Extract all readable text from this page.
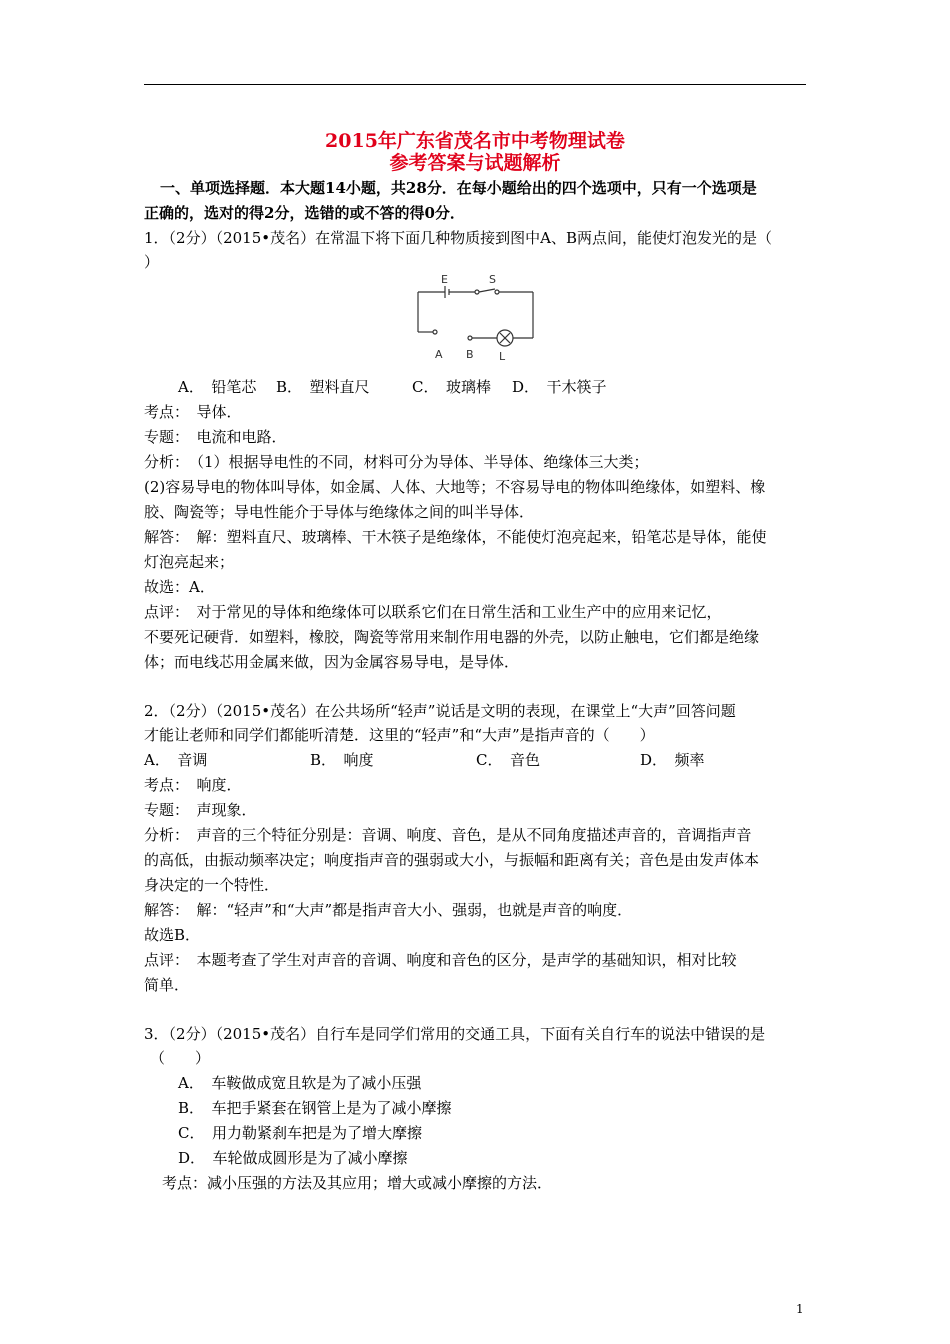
2015年广东省茂名市中考物理试卷
参考答案与试题解析
一、单项选择题．本大题14小题，共28分．在每小题给出的四个选项中，只有一个选项是
正确的，选对的得2分，选错的或不答的得0分．
1．（2分）（2015•茂名）在常温下将下面几种物质接到图中A、B两点间，能使灯泡发光的是（
）
E	S
A B L
A．　 铅笔芯 B．　 塑料直尺	C．　 玻璃棒 D．　 干木筷子
考点：　导体．
专题：　电流和电路．
分析：　（1）根据导电性的不同，材料可分为导体、半导体、绝缘体三大类；
(2)容易导电的物体叫导体，如金属、人体、大地等；不容易导电的物体叫绝缘体，如塑料、橡
胶、陶瓷等；导电性能介于导体与绝缘体之间的叫半导体．
解答：　解：塑料直尺、玻璃棒、干木筷子是绝缘体，不能使灯泡亮起来，铅笔芯是导体，能使
灯泡亮起来；
故选：A．
点评：　对于常见的导体和绝缘体可以联系它们在日常生活和工业生产中的应用来记忆，
不要死记硬背．如塑料，橡胶，陶瓷等常用来制作用电器的外壳，以防止触电，它们都是绝缘
体；而电线芯用金属来做，因为金属容易导电，是导体．
2．（2分）（2015•茂名）在公共场所“轻声”说话是文明的表现，在课堂上“大声”回答问题
才能让老师和同学们都能听清楚．这里的“轻声”和“大声”是指声音的（　　）
A．　 音调	B．　 响度	C．　 音色	D．　 频率
考点：　响度．
专题：　声现象．
分析：　声音的三个特征分别是：音调、响度、音色，是从不同角度描述声音的，音调指声音
的高低，由振动频率决定；响度指声音的强弱或大小，与振幅和距离有关；音色是由发声体本
身决定的一个特性．
解答：　解：“轻声”和“大声”都是指声音大小、强弱，也就是声音的响度．
故选B．
点评：　本题考查了学生对声音的音调、响度和音色的区分，是声学的基础知识，相对比较
简单．
3．（2分）（2015•茂名）自行车是同学们常用的交通工具，下面有关自行车的说法中错误的是
（　　）
A．　 车鞍做成宽且软是为了减小压强
B．　 车把手紧套在钢管上是为了减小摩擦
C．　 用力勒紧刹车把是为了增大摩擦
D．　 车轮做成圆形是为了减小摩擦
考点：减小压强的方法及其应用；增大或减小摩擦的方法．
1
